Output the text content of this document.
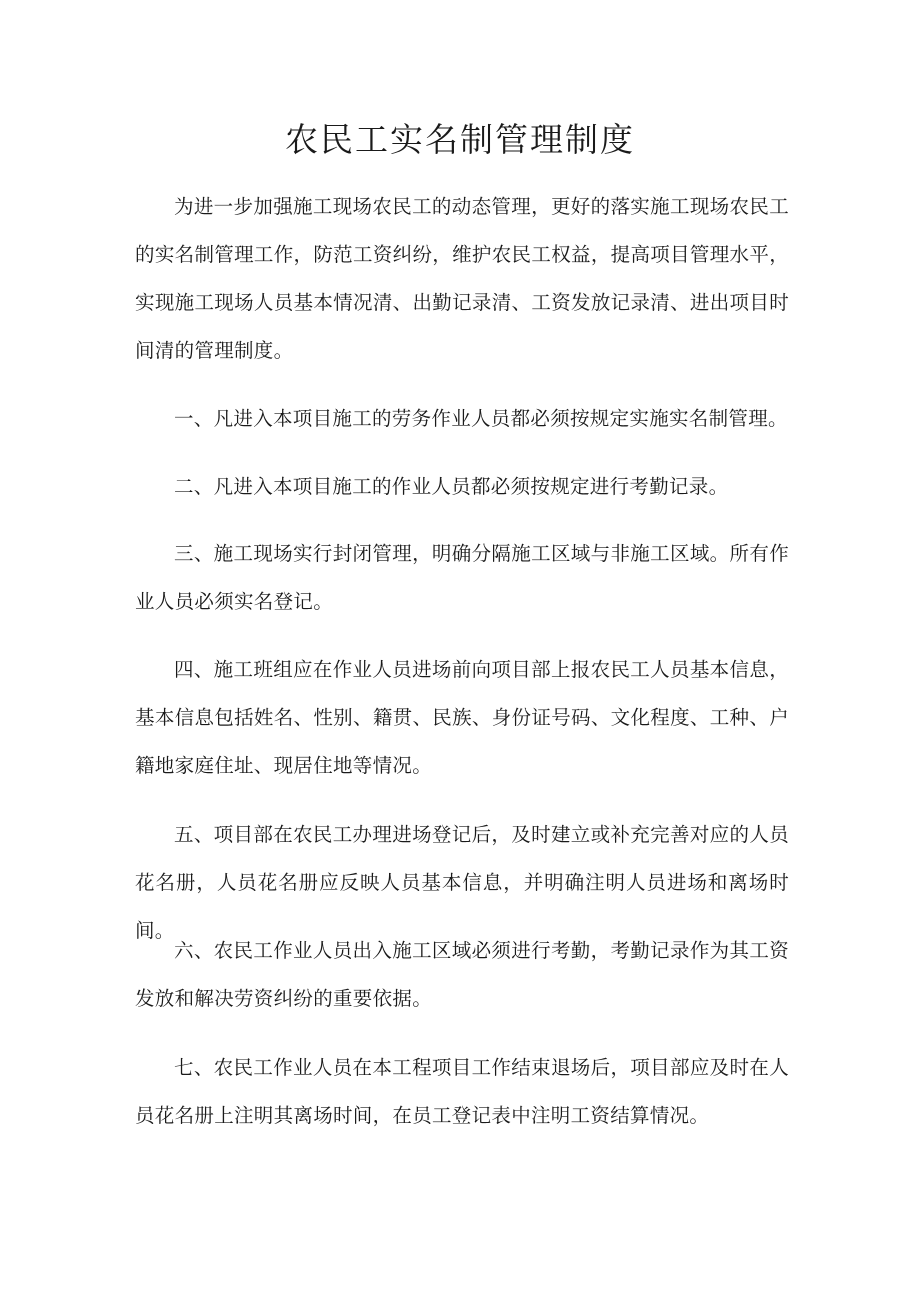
农民工实名制管理制度

为进一步加强施工现场农民工的动态管理，更好的落实施工现场农民工的实名制管理工作，防范工资纠纷，维护农民工权益，提高项目管理水平，实现施工现场人员基本情况清、出勤记录清、工资发放记录清、进出项目时间清的管理制度。

一、凡进入本项目施工的劳务作业人员都必须按规定实施实名制管理。

二、凡进入本项目施工的作业人员都必须按规定进行考勤记录。

三、施工现场实行封闭管理，明确分隔施工区域与非施工区域。所有作业人员必须实名登记。

四、施工班组应在作业人员进场前向项目部上报农民工人员基本信息，基本信息包括姓名、性别、籍贯、民族、身份证号码、文化程度、工种、户籍地家庭住址、现居住地等情况。

五、项目部在农民工办理进场登记后，及时建立或补充完善对应的人员花名册，人员花名册应反映人员基本信息，并明确注明人员进场和离场时间。

六、农民工作业人员出入施工区域必须进行考勤，考勤记录作为其工资发放和解决劳资纠纷的重要依据。

七、农民工作业人员在本工程项目工作结束退场后，项目部应及时在人员花名册上注明其离场时间，在员工登记表中注明工资结算情况。
